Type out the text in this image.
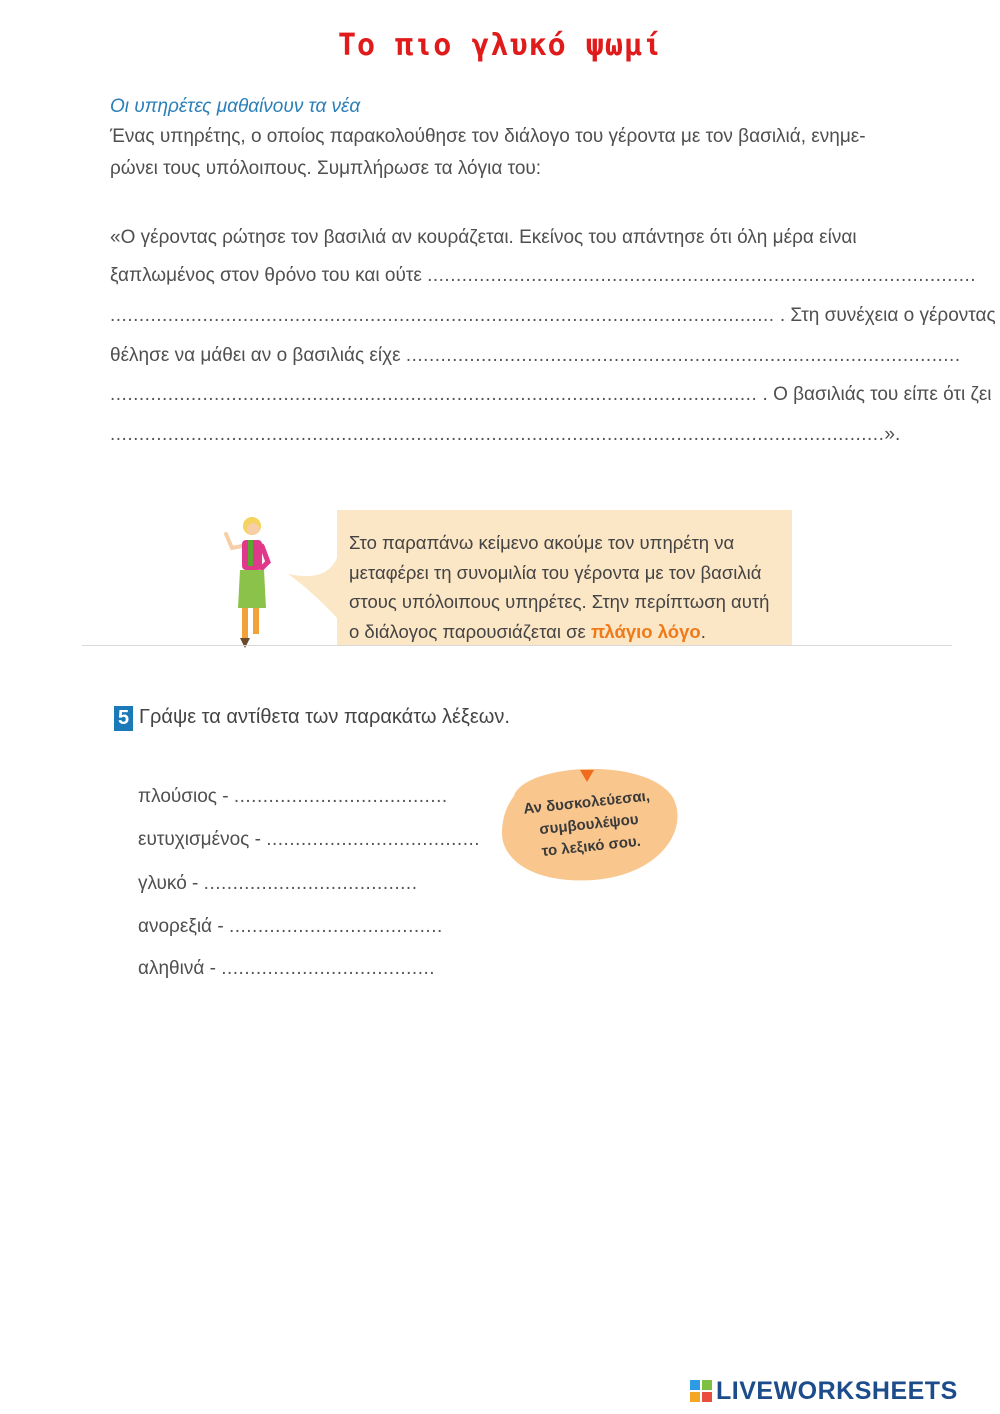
Το πιο γλυκό ψωμί
Οι υπηρέτες μαθαίνουν τα νέα
Ένας υπηρέτης, ο οποίος παρακολούθησε τον διάλογο του γέροντα με τον βασιλιά, ενημε-
ρώνει τους υπόλοιπους. Συμπλήρωσε τα λόγια του:
«Ο γέροντας ρώτησε τον βασιλιά αν κουράζεται. Εκείνος του απάντησε ότι όλη μέρα είναι
ξαπλωμένος στον θρόνο του και ούτε ...............................................................................................
................................................................................................................... . Στη συνέχεια ο γέροντας
θέλησε να μάθει αν ο βασιλιάς είχε ................................................................................................
................................................................................................................ . Ο βασιλιάς του είπε ότι ζει
......................................................................................................................................».
Στο παραπάνω κείμενο ακούμε τον υπηρέτη να
μεταφέρει τη συνομιλία του γέροντα με τον βασιλιά
στους υπόλοιπους υπηρέτες. Στην περίπτωση αυτή
ο διάλογος παρουσιάζεται σε πλάγιο λόγο.
5 Γράψε τα αντίθετα των παρακάτω λέξεων.
πλούσιος - .....................................
ευτυχισμένος - .....................................
γλυκό - .....................................
ανορεξιά - .....................................
αληθινά - .....................................
Αν δυσκολεύεσαι,
συμβουλέψου
το λεξικό σου.
LIVEWORKSHEETS
